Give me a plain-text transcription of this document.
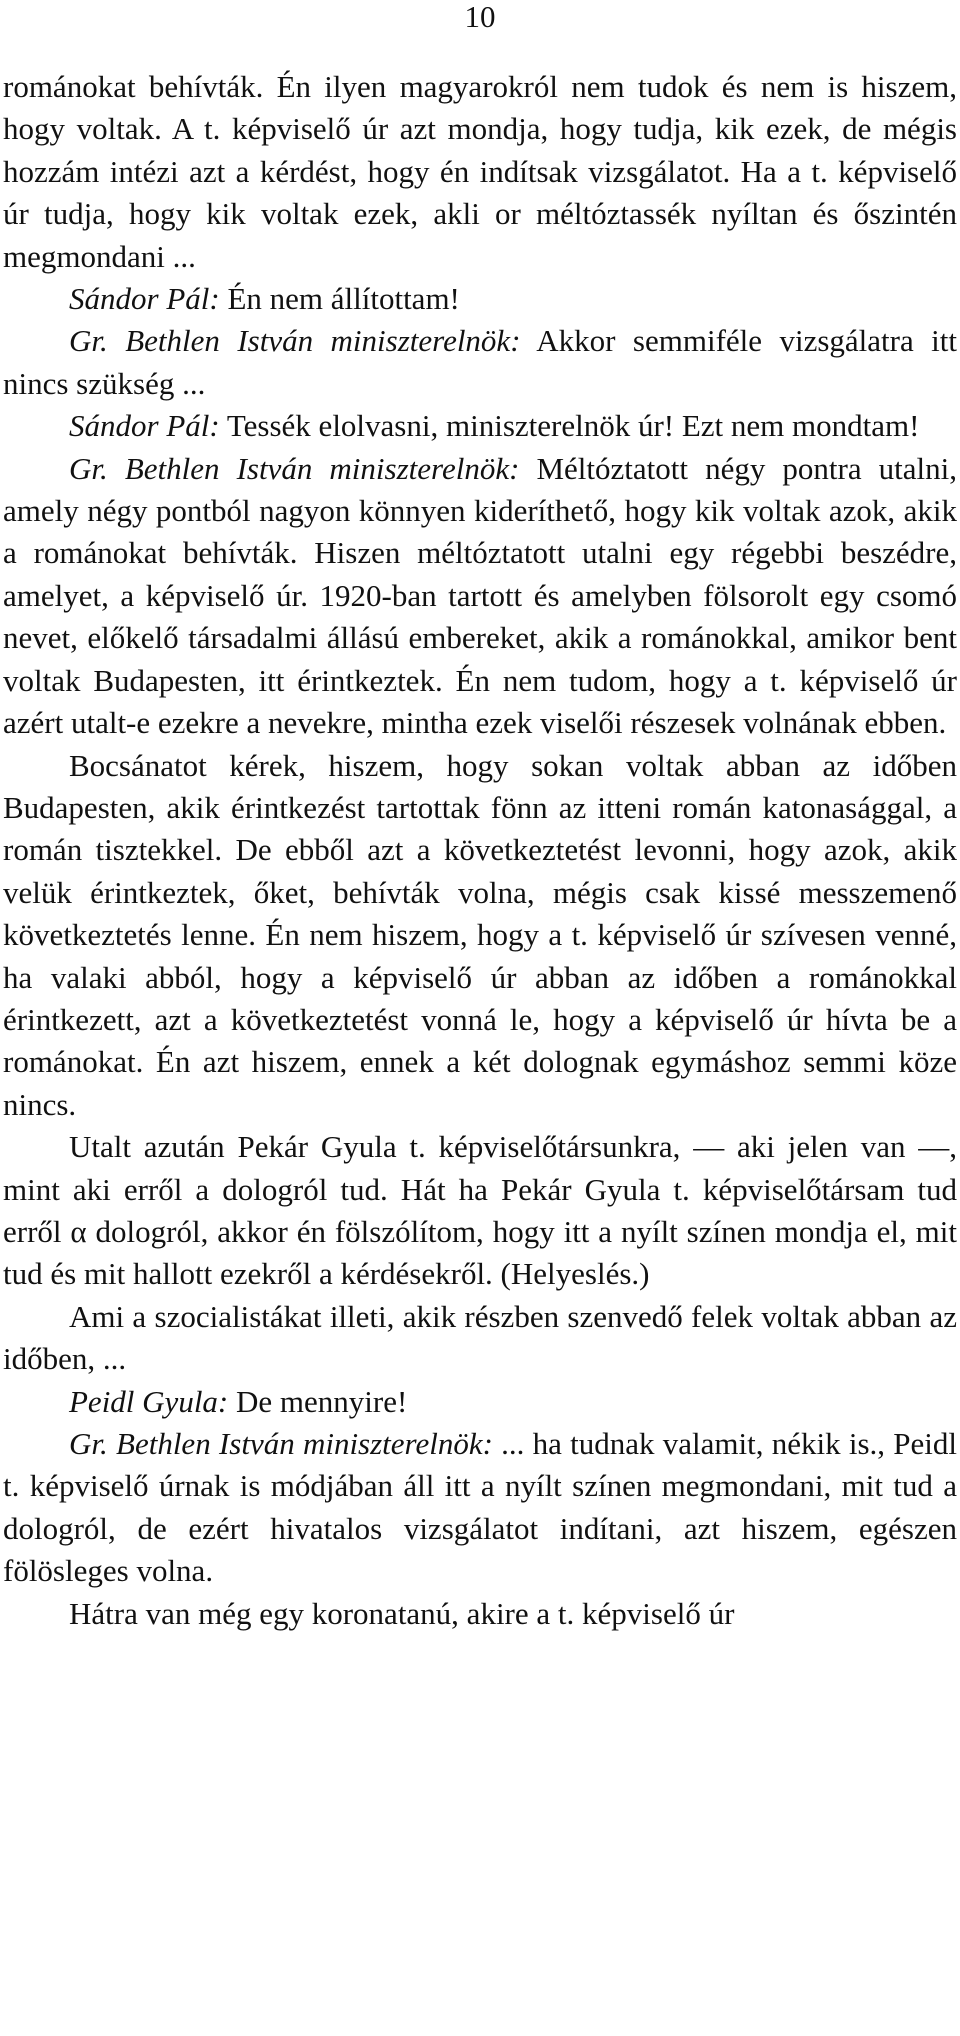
10

románokat behívták. Én ilyen magyarokról nem tudok és nem is hiszem, hogy voltak. A t. képviselő úr azt mondja, hogy tudja, kik ezek, de mégis hozzám intézi azt a kérdést, hogy én indítsak vizsgálatot. Ha a t. képviselő úr tudja, hogy kik voltak ezek, akli or méltóztassék nyíltan és őszintén megmondani ...

Sándor Pál: Én nem állítottam!

Gr. Bethlen István miniszterelnök: Akkor semmiféle vizsgálatra itt nincs szükség ...

Sándor Pál: Tessék elolvasni, miniszterelnök úr! Ezt nem mondtam!

Gr. Bethlen István miniszterelnök: Méltóztatott négy pontra utalni, amely négy pontból nagyon könnyen kideríthető, hogy kik voltak azok, akik a románokat behívták. Hiszen méltóztatott utalni egy régebbi beszédre, amelyet, a képviselő úr. 1920-ban tartott és amelyben fölsorolt egy csomó nevet, előkelő társadalmi állású embereket, akik a románokkal, amikor bent voltak Budapesten, itt érintkeztek. Én nem tudom, hogy a t. képviselő úr azért utalt-e ezekre a nevekre, mintha ezek viselői részesek volnának ebben.

Bocsánatot kérek, hiszem, hogy sokan voltak abban az időben Budapesten, akik érintkezést tartottak fönn az itteni román katonasággal, a román tisztekkel. De ebből azt a következtetést levonni, hogy azok, akik velük érintkeztek, őket, behívták volna, mégis csak kissé messzemenő következtetés lenne. Én nem hiszem, hogy a t. képviselő úr szívesen venné, ha valaki abból, hogy a képviselő úr abban az időben a románokkal érintkezett, azt a következtetést vonná le, hogy a képviselő úr hívta be a románokat. Én azt hiszem, ennek a két dolognak egymáshoz semmi köze nincs.

Utalt azután Pekár Gyula t. képviselőtársunkra, — aki jelen van —, mint aki erről a dologról tud. Hát ha Pekár Gyula t. képviselőtársam tud erről α dologról, akkor én fölszólítom, hogy itt a nyílt színen mondja el, mit tud és mit hallott ezekről a kérdésekről. (Helyeslés.)

Ami a szocialistákat illeti, akik részben szenvedő felek voltak abban az időben, ...

Peidl Gyula: De mennyire!

Gr. Bethlen István miniszterelnök: ... ha tudnak valamit, nékik is., Peidl t. képviselő úrnak is módjában áll itt a nyílt színen megmondani, mit tud a dologról, de ezért hivatalos vizsgálatot indítani, azt hiszem, egészen fölösleges volna.

Hátra van még egy koronatanú, akire a t. képviselő úr
